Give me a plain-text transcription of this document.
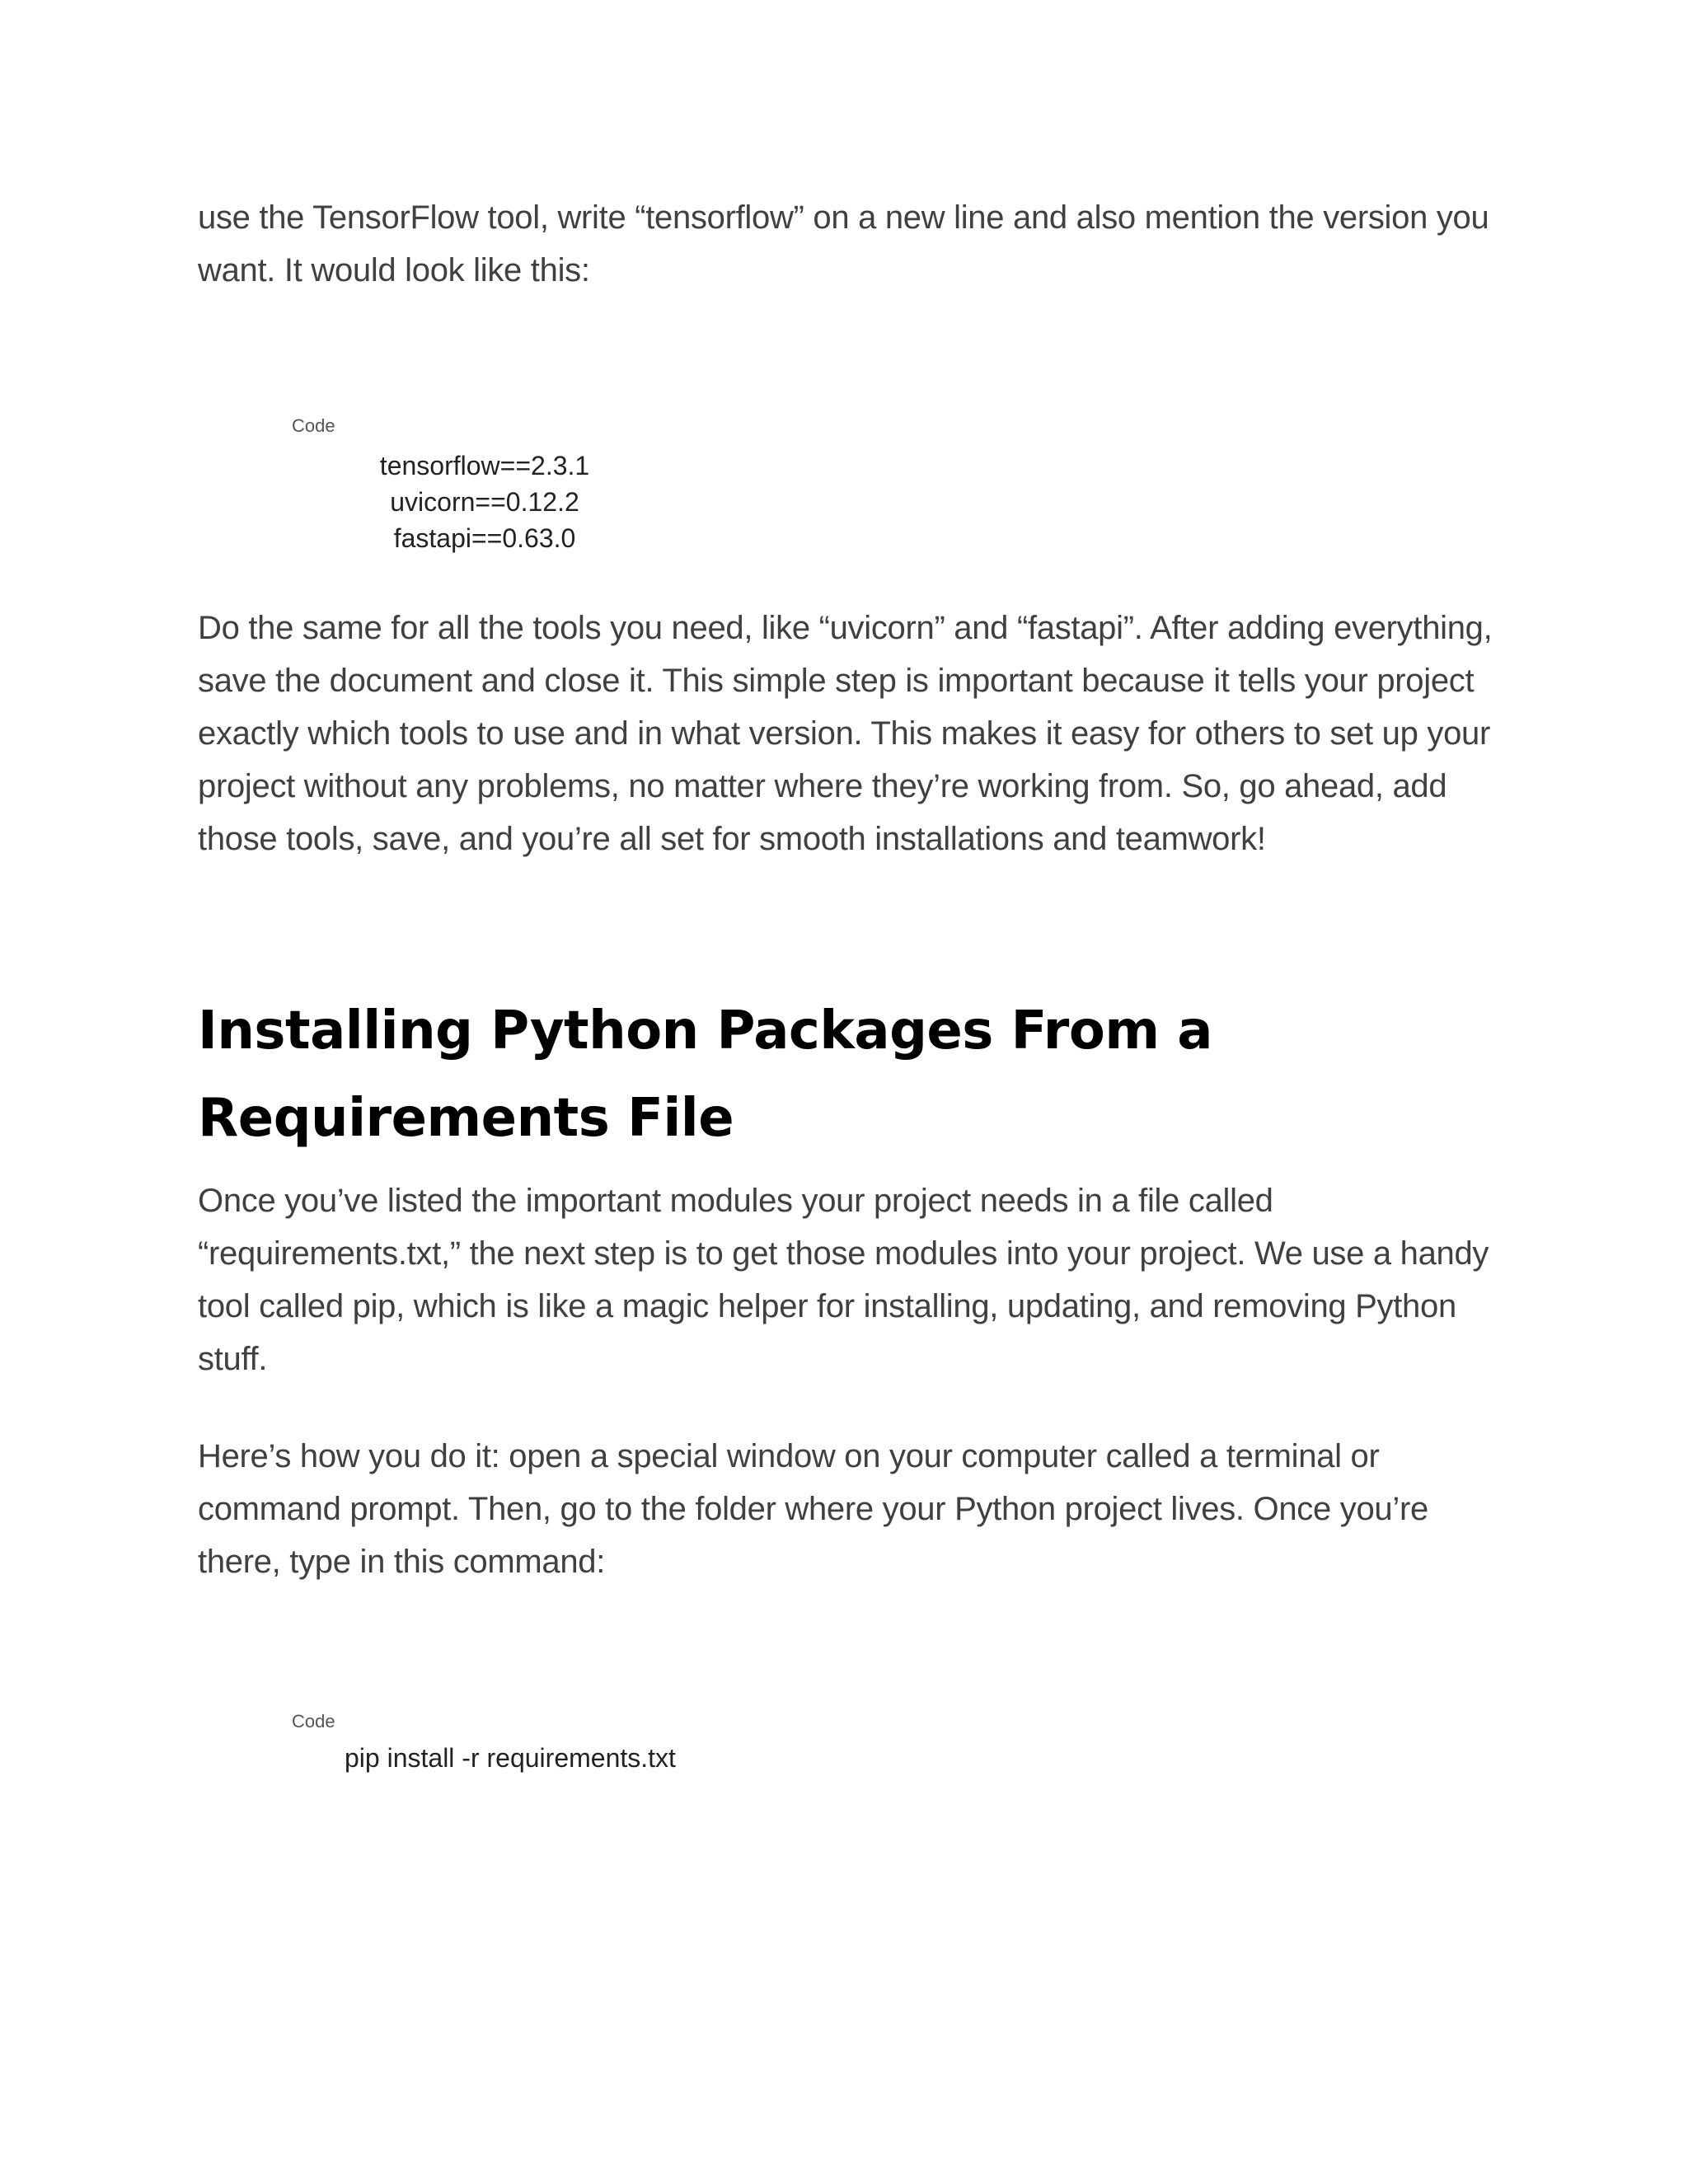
use the TensorFlow tool, write “tensorflow” on a new line and also mention the version you want. It would look like this:

Code
tensorflow==2.3.1
uvicorn==0.12.2
fastapi==0.63.0

Do the same for all the tools you need, like “uvicorn” and “fastapi”. After adding everything, save the document and close it. This simple step is important because it tells your project exactly which tools to use and in what version. This makes it easy for others to set up your project without any problems, no matter where they’re working from. So, go ahead, add those tools, save, and you’re all set for smooth installations and teamwork!

Installing Python Packages From a Requirements File

Once you’ve listed the important modules your project needs in a file called “requirements.txt,” the next step is to get those modules into your project. We use a handy tool called pip, which is like a magic helper for installing, updating, and removing Python stuff.

Here’s how you do it: open a special window on your computer called a terminal or command prompt. Then, go to the folder where your Python project lives. Once you’re there, type in this command:

Code
pip install -r requirements.txt
